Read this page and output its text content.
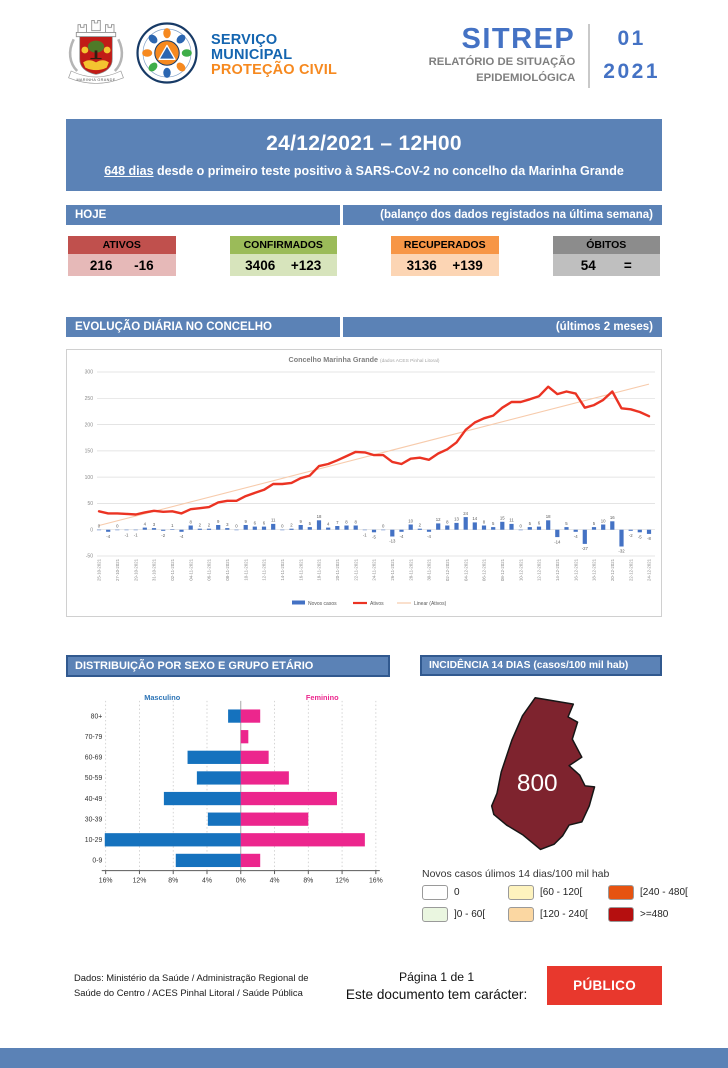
MARINHA GRANDE
SERVIÇO
MUNICIPAL
PROTEÇÃO CIVIL
SITREP
RELATÓRIO DE SITUAÇÃO
EPIDEMIOLÓGICA
01
2021
24/12/2021 – 12H00
648 dias desde o primeiro teste positivo à SARS-CoV-2 no concelho da Marinha Grande
HOJE	(balanço dos dados registados na última semana)
ATIVOS
216 -16
CONFIRMADOS
3406 +123
RECUPERADOS
3136 +139
ÓBITOS
54 =
EVOLUÇÃO DIÁRIA NO CONCELHO	(últimos 2 meses)
300
250
200
150
100
50
0
-50
Concelho Marinha Grande (dados ACES Pinhal Litoral)
0
-4
0
-1 -1
4 3
-2
1
-4
8
2 2
9
3 0
9 6 6
11
0 2
9 5
18
4 7 8 8
-1 -5
0
-13
-4
10
2
-4
12 8
13
24
14
8 5
15 11
0
5 6
18
-14
5
-4
-27
5
10
16
-32
-2 -5 -8
25-10-2021	27-10-2021	29-10-2021	31-10-2021	02-11-2021	04-11-2021	06-11-2021	08-11-2021	10-11-2021	12-11-2021	14-11-2021	16-11-2021	18-11-2021	20-11-2021	22-11-2021	24-11-2021	26-11-2021	28-11-2021	30-11-2021	02-12-2021	04-12-2021	06-12-2021	08-12-2021	10-12-2021	12-12-2021	14-12-2021	16-12-2021	18-12-2021	20-12-2021	22-12-2021	24-12-2021
Novos casos	Ativos	Linear (Ativos)
DISTRIBUIÇÃO POR SEXO E GRUPO ETÁRIO
Masculino	Feminino
80+
70-79
60-69
50-59
40-49
30-39
10-29
0-9
16%	12%	8%	4%	0%	4%	8%	12%	16%
INCIDÊNCIA 14 DIAS (casos/100 mil hab)
800
Novos casos úlimos 14 dias/100 mil hab
0	[60 - 120[	[240 - 480[
]0 - 60[	[120 - 240[	>=480
Dados: Ministério da Saúde / Administração Regional de
Saúde do Centro / ACES Pinhal Litoral / Saúde Pública
Página 1 de 1
Este documento tem carácter:
PÚBLICO
